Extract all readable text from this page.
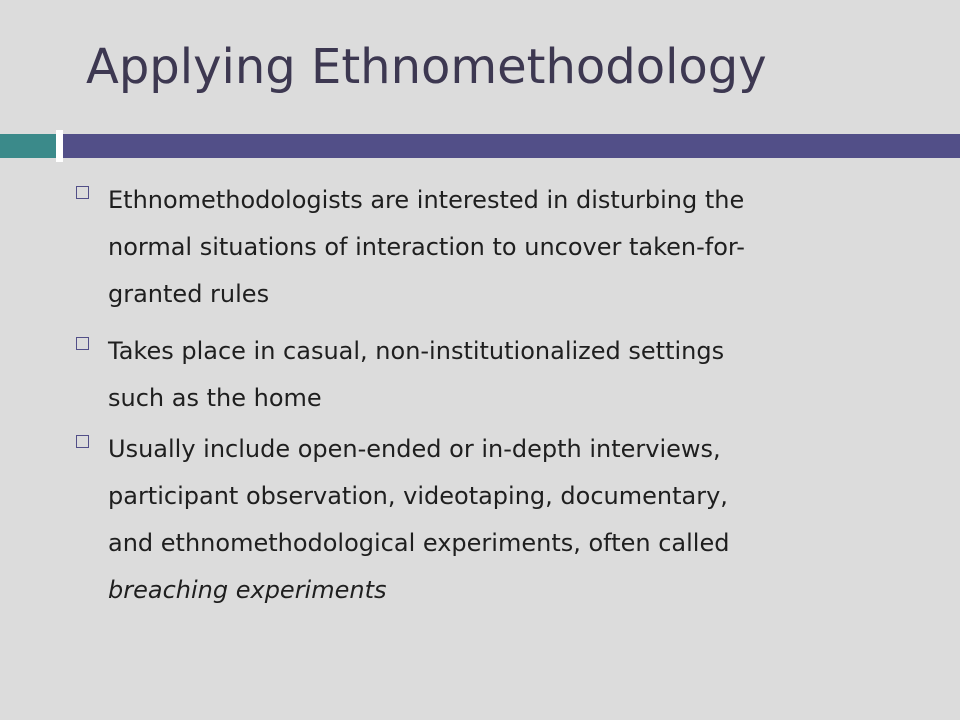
Applying Ethnomethodology

Ethnomethodologists are interested in disturbing the
normal situations of interaction to uncover taken-for-
granted rules

Takes place in casual, non-institutionalized settings
such as the home

Usually include open-ended or in-depth interviews,
participant observation, videotaping, documentary,
and ethnomethodological experiments, often called
breaching experiments
